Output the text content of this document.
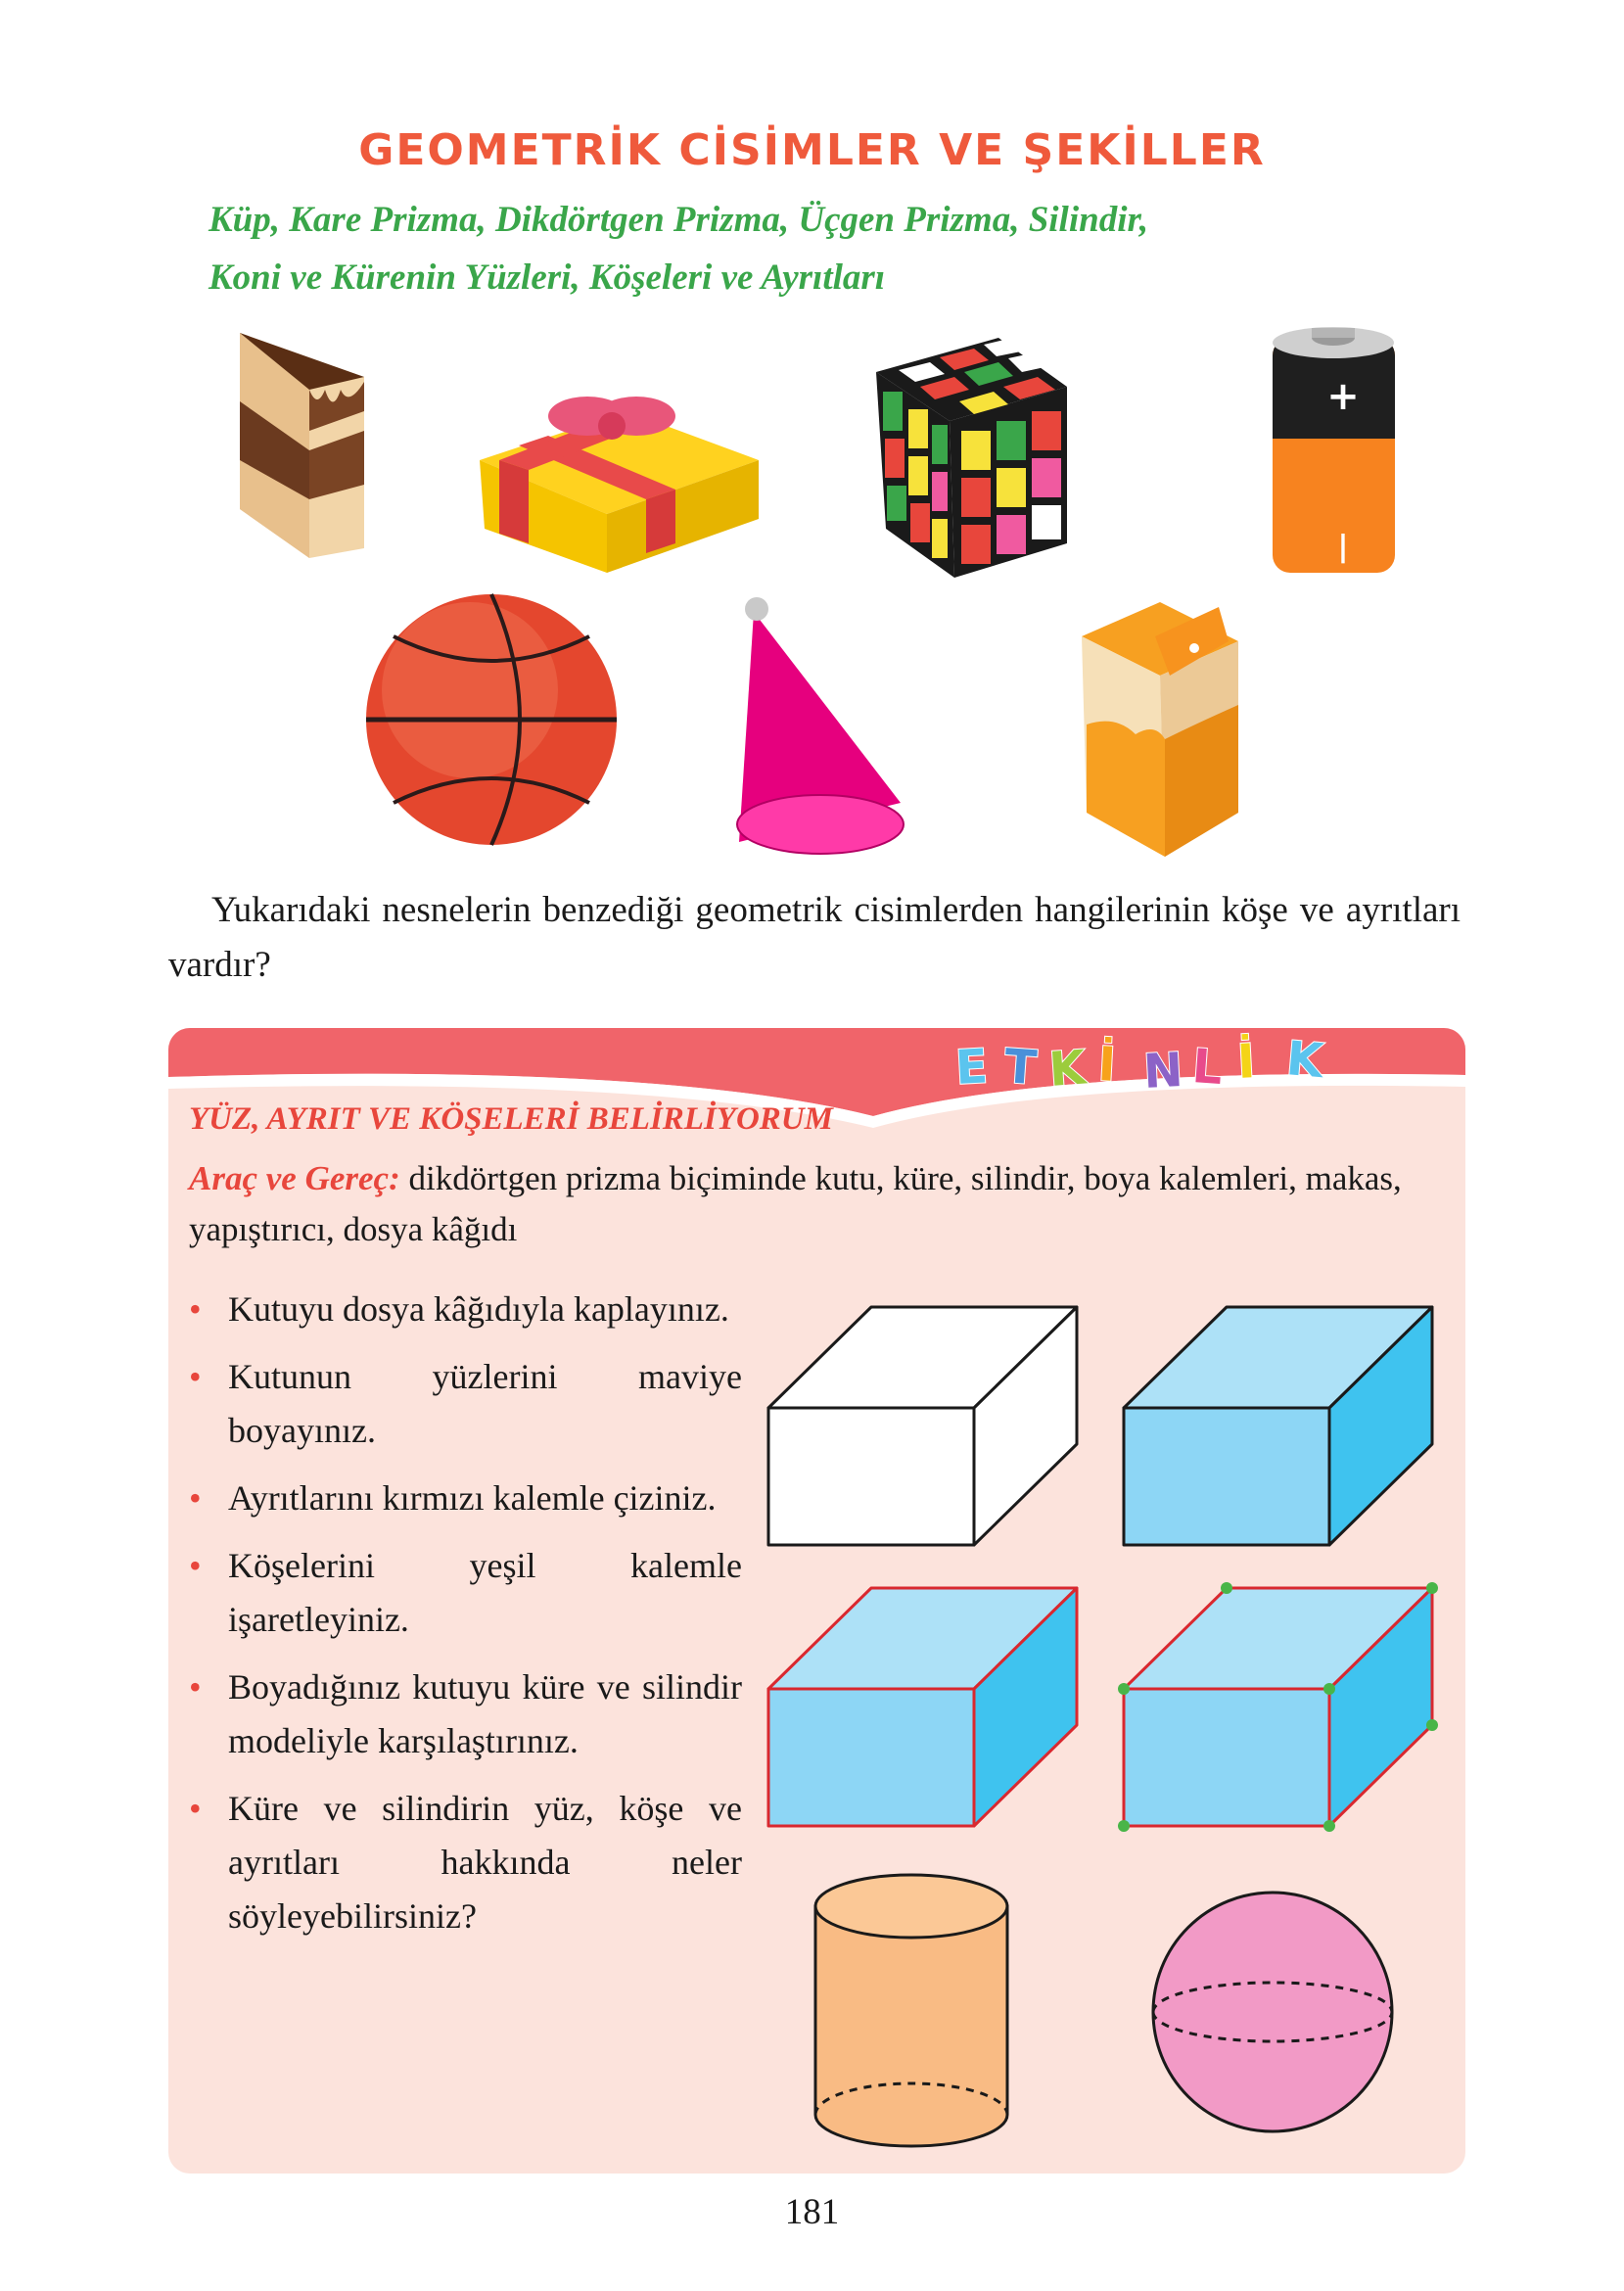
GEOMETRİK CİSİMLER VE ŞEKİLLER
Küp, Kare Prizma, Dikdörtgen Prizma, Üçgen Prizma, Silindir,
Koni ve Kürenin Yüzleri, Köşeleri ve Ayrıtları
+
|
Yukarıdaki nesnelerin benzediği geometrik cisimlerden hangilerinin köşe ve ayrıtları vardır?
E T K İ N L İ K
YÜZ, AYRIT VE KÖŞELERİ BELİRLİYORUM
Araç ve Gereç: dikdörtgen prizma biçiminde kutu, küre, silindir, boya kalemleri, makas, yapıştırıcı, dosya kâğıdı
• Kutuyu dosya kâğıdıyla kaplayınız.
• Kutunun yüzlerini maviye boyayınız.
• Ayrıtlarını kırmızı kalemle çiziniz.
• Köşelerini yeşil kalemle işaretleyiniz.
• Boyadığınız kutuyu küre ve silindir modeliyle karşılaştırınız.
• Küre ve silindirin yüz, köşe ve ayrıtları hakkında neler söyleyebilirsiniz?
181
